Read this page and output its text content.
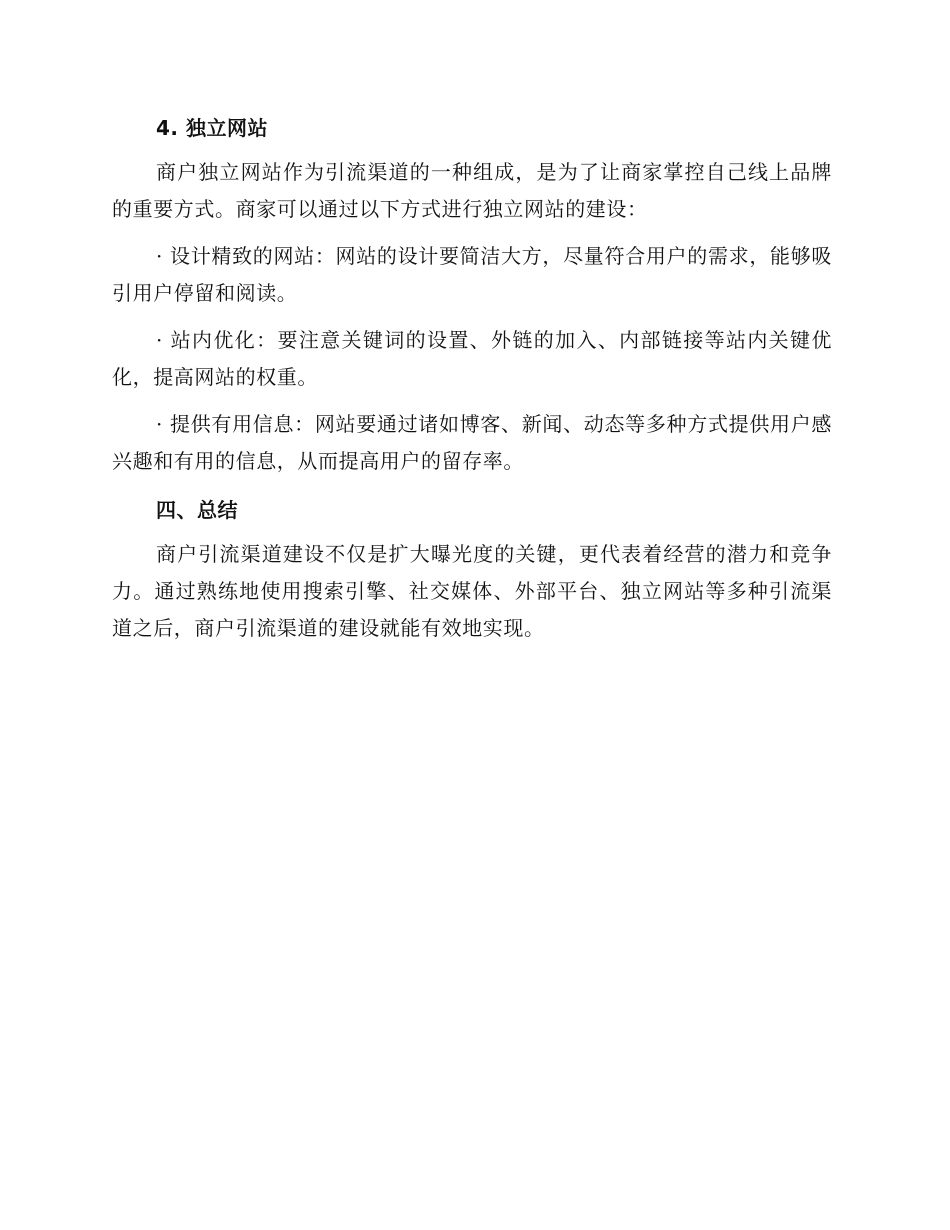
4. 独立网站

商户独立网站作为引流渠道的一种组成，是为了让商家掌控自己线上品牌的重要方式。商家可以通过以下方式进行独立网站的建设：

· 设计精致的网站：网站的设计要简洁大方，尽量符合用户的需求，能够吸引用户停留和阅读。

· 站内优化：要注意关键词的设置、外链的加入、内部链接等站内关键优化，提高网站的权重。

· 提供有用信息：网站要通过诸如博客、新闻、动态等多种方式提供用户感兴趣和有用的信息，从而提高用户的留存率。

四、总结

商户引流渠道建设不仅是扩大曝光度的关键，更代表着经营的潜力和竞争力。通过熟练地使用搜索引擎、社交媒体、外部平台、独立网站等多种引流渠道之后，商户引流渠道的建设就能有效地实现。
